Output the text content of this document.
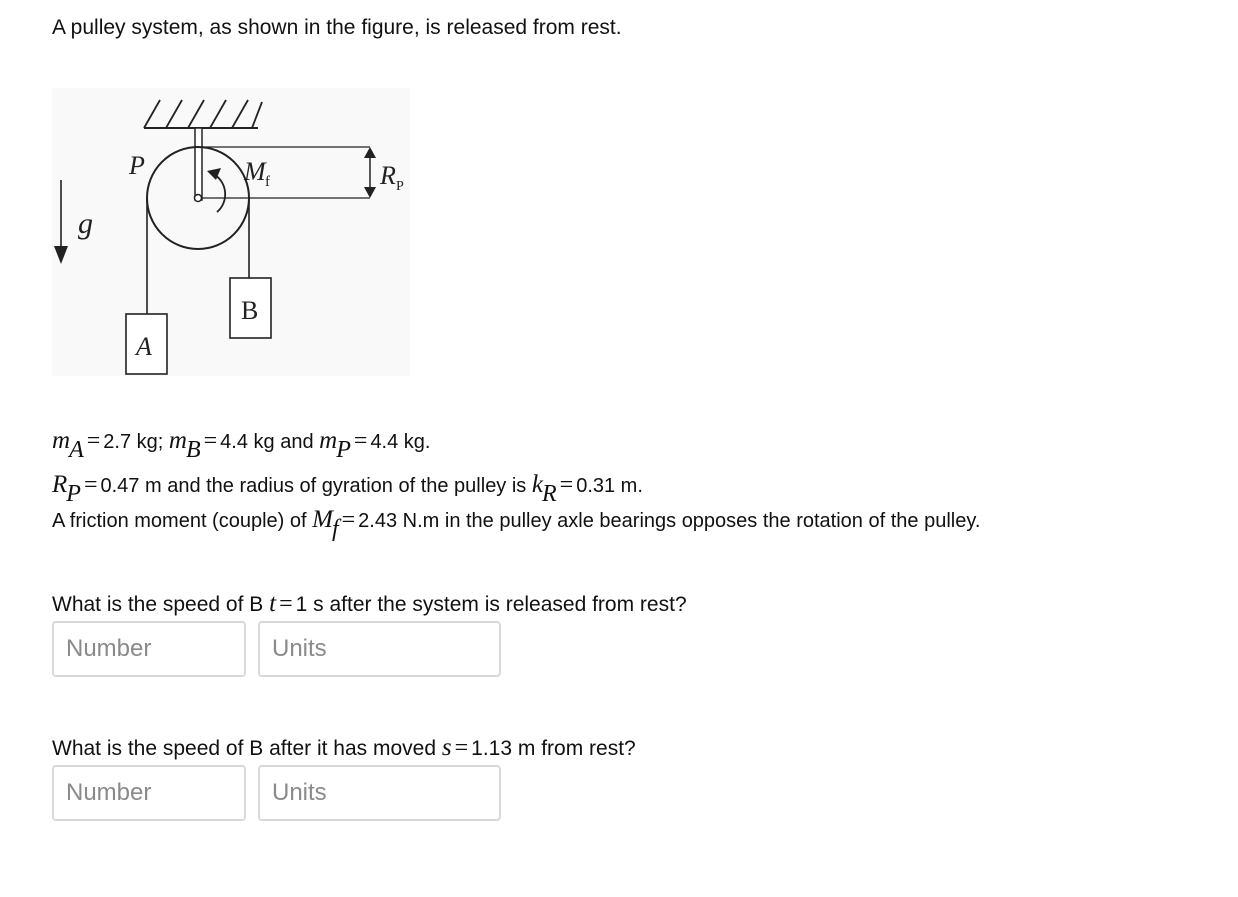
A pulley system, as shown in the figure, is released from rest.
P	M f	R P
g
A
B
mA = 2.7 kg; mB = 4.4 kg and mP = 4.4 kg.
RP = 0.47 m and the radius of gyration of the pulley is kR = 0.31 m.
A friction moment (couple) of Mf = 2.43 N.m in the pulley axle bearings opposes the rotation of the pulley.
What is the speed of B t = 1 s after the system is released from rest?
Number
Units
What is the speed of B after it has moved s = 1.13 m from rest?
Number
Units
